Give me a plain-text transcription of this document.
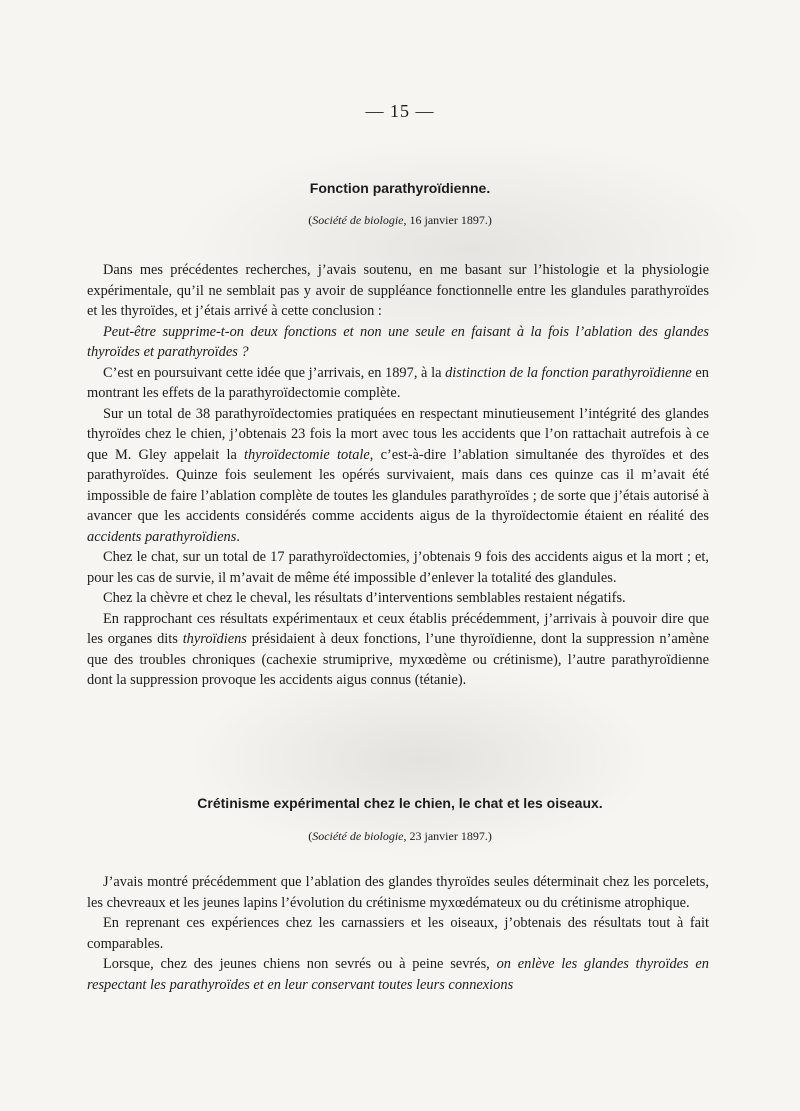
— 15 —
Fonction parathyroïdienne.
(Société de biologie, 16 janvier 1897.)

Dans mes précédentes recherches, j’avais soutenu, en me basant sur l’histologie et la physiologie expérimentale, qu’il ne semblait pas y avoir de suppléance fonctionnelle entre les glandules parathyroïdes et les thyroïdes, et j’étais arrivé à cette conclusion :

Peut-être supprime-t-on deux fonctions et non une seule en faisant à la fois l’ablation des glandes thyroïdes et parathyroïdes ?

C’est en poursuivant cette idée que j’arrivais, en 1897, à la distinction de la fonction parathyroïdienne en montrant les effets de la parathyroïdectomie complète.

Sur un total de 38 parathyroïdectomies pratiquées en respectant minutieusement l’intégrité des glandes thyroïdes chez le chien, j’obtenais 23 fois la mort avec tous les accidents que l’on rattachait autrefois à ce que M. Gley appelait la thyroïdectomie totale, c’est-à-dire l’ablation simultanée des thyroïdes et des parathyroïdes. Quinze fois seulement les opérés survivaient, mais dans ces quinze cas il m’avait été impossible de faire l’ablation complète de toutes les glandules parathyroïdes ; de sorte que j’étais autorisé à avancer que les accidents considérés comme accidents aigus de la thyroïdectomie étaient en réalité des accidents parathyroïdiens.

Chez le chat, sur un total de 17 parathyroïdectomies, j’obtenais 9 fois des accidents aigus et la mort ; et, pour les cas de survie, il m’avait de même été impossible d’enlever la totalité des glandules.

Chez la chèvre et chez le cheval, les résultats d’interventions semblables restaient négatifs.

En rapprochant ces résultats expérimentaux et ceux établis précédemment, j’arrivais à pouvoir dire que les organes dits thyroïdiens présidaient à deux fonctions, l’une thyroïdienne, dont la suppression n’amène que des troubles chroniques (cachexie strumiprive, myxœdème ou crétinisme), l’autre parathyroïdienne dont la suppression provoque les accidents aigus connus (tétanie).

Crétinisme expérimental chez le chien, le chat et les oiseaux.
(Société de biologie, 23 janvier 1897.)

J’avais montré précédemment que l’ablation des glandes thyroïdes seules déterminait chez les porcelets, les chevreaux et les jeunes lapins l’évolution du crétinisme myxœdémateux ou du crétinisme atrophique.

En reprenant ces expériences chez les carnassiers et les oiseaux, j’obtenais des résultats tout à fait comparables.

Lorsque, chez des jeunes chiens non sevrés ou à peine sevrés, on enlève les glandes thyroïdes en respectant les parathyroïdes et en leur conservant toutes leurs connexions
